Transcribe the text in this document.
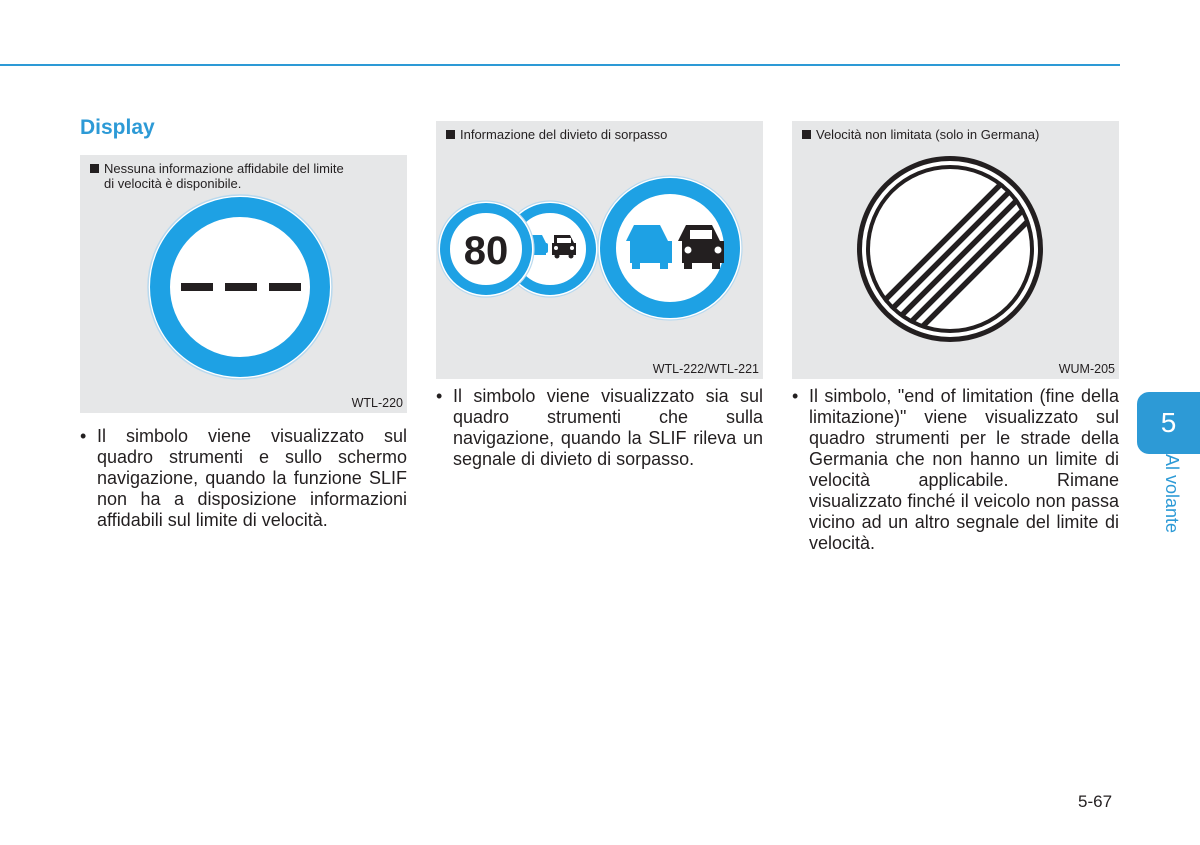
Display
Nessuna informazione affidabile del limite
di velocità è disponibile.
WTL-220
Informazione del divieto di sorpasso
80
WTL-222/WTL-221
Velocità non limitata (solo in Germana)
WUM-205
• Il simbolo viene visualizzato sul quadro strumenti e sullo schermo navigazione, quando la funzione SLIF non ha a disposizione informazioni affidabili sul limite di velocità.
• Il simbolo viene visualizzato sia sul quadro strumenti che sulla navigazione, quando la SLIF rileva un segnale di divieto di sorpasso.
• Il simbolo, "end of limitation (fine della limitazione)" viene visualizzato sul quadro strumenti per le strade della Germania che non hanno un limite di velocità applicabile. Rimane visualizzato finché il veicolo non passa vicino ad un altro segnale del limite di velocità.
5
Al volante
5-67
